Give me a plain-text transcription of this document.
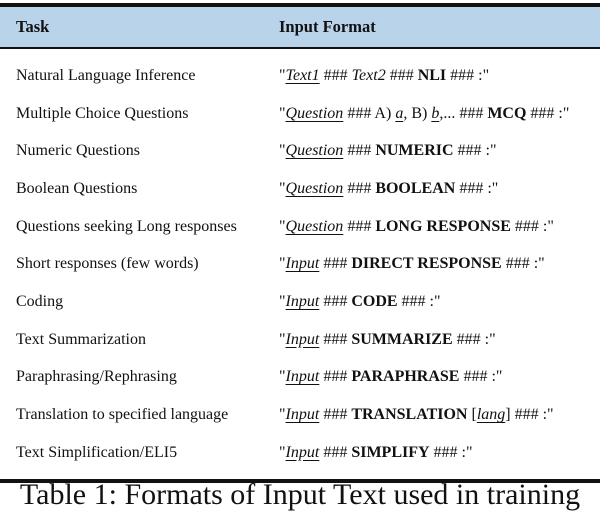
Task	Input Format
Natural Language Inference	"Text1 ### Text2 ### NLI ### :"
Multiple Choice Questions	"Question ### A) a, B) b,... ### MCQ ### :"
Numeric Questions	"Question ### NUMERIC ### :"
Boolean Questions	"Question ### BOOLEAN ### :"
Questions seeking Long responses	"Question ### LONG RESPONSE ### :"
Short responses (few words)	"Input ### DIRECT RESPONSE ### :"
Coding	"Input ### CODE ### :"
Text Summarization	"Input ### SUMMARIZE ### :"
Paraphrasing/Rephrasing	"Input ### PARAPHRASE ### :"
Translation to specified language	"Input ### TRANSLATION [lang] ### :"
Text Simplification/ELI5	"Input ### SIMPLIFY ### :"
Table 1: Formats of Input Text used in training
